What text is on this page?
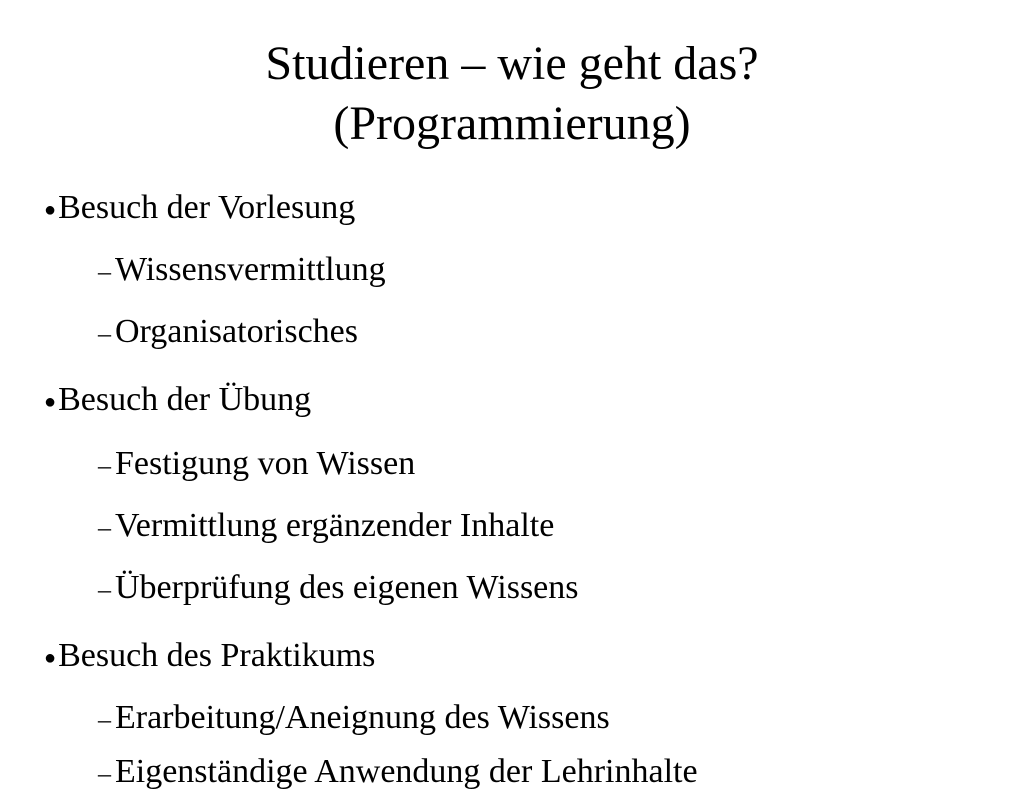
Studieren – wie geht das?
(Programmierung)
●Besuch der Vorlesung
– Wissensvermittlung
– Organisatorisches
●Besuch der Übung
– Festigung von Wissen
– Vermittlung ergänzender Inhalte
– Überprüfung des eigenen Wissens
●Besuch des Praktikums
– Erarbeitung/Aneignung des Wissens
– Eigenständige Anwendung der Lehrinhalte
